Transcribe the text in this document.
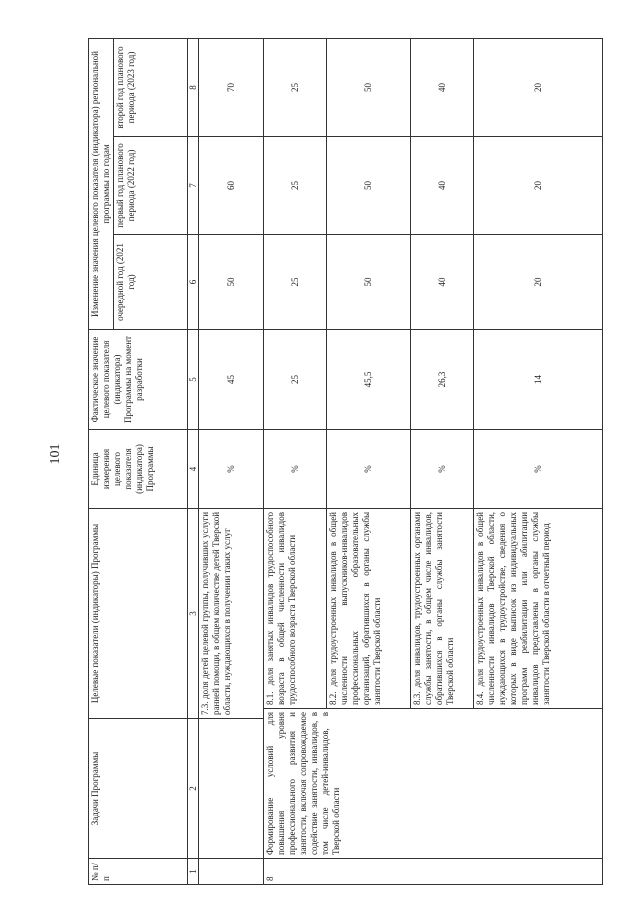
101
№ п/п	Задачи Программы	Целевые показатели (индикаторы) Программы		Единица измерения целевого показателя (индикатора) Программы	Фактическое значение целевого показателя (индикатора) Программы на момент разработки	Изменение значения целевого показателя (индикатора) региональной программы по годам		
						очередной год (2021 год)	первый год планового периода (2022 год)	второй год планового периода (2023 год)
1	2	3		4	5	6	7	8
		7.3. доля детей целевой группы, получивших услуги ранней помощи, в общем количестве детей Тверской области, нуждающихся в получении таких услуг		%	45	50	60	70
8	Формирование условий для повышения уровня профессионального развития и занятости, включая сопровождаемое содействие занятости, инвалидов, в том числе детей-инвалидов, в Тверской области		8.1. доля занятых инвалидов трудоспособного возраста в общей численности инвалидов трудоспособного возраста Тверской области	%	25	25	25	25
			8.2. доля трудоустроенных инвалидов в общей численности выпускников-инвалидов профессиональных образовательных организаций, обратившихся в органы службы занятости Тверской области	%	45,5	50	50	50
			8.3. доля инвалидов, трудоустроенных органами службы занятости, в общем числе инвалидов, обратившихся в органы службы занятости Тверской области	%	26,3	40	40	40
			8.4. доля трудоустроенных инвалидов в общей численности инвалидов Тверской области, нуждающихся в трудоустройстве, сведения о которых в виде выписок из индивидуальных программ реабилитации или абилитации инвалидов представлены в органы службы занятости Тверской области в отчетный период	%	14	20	20	20
